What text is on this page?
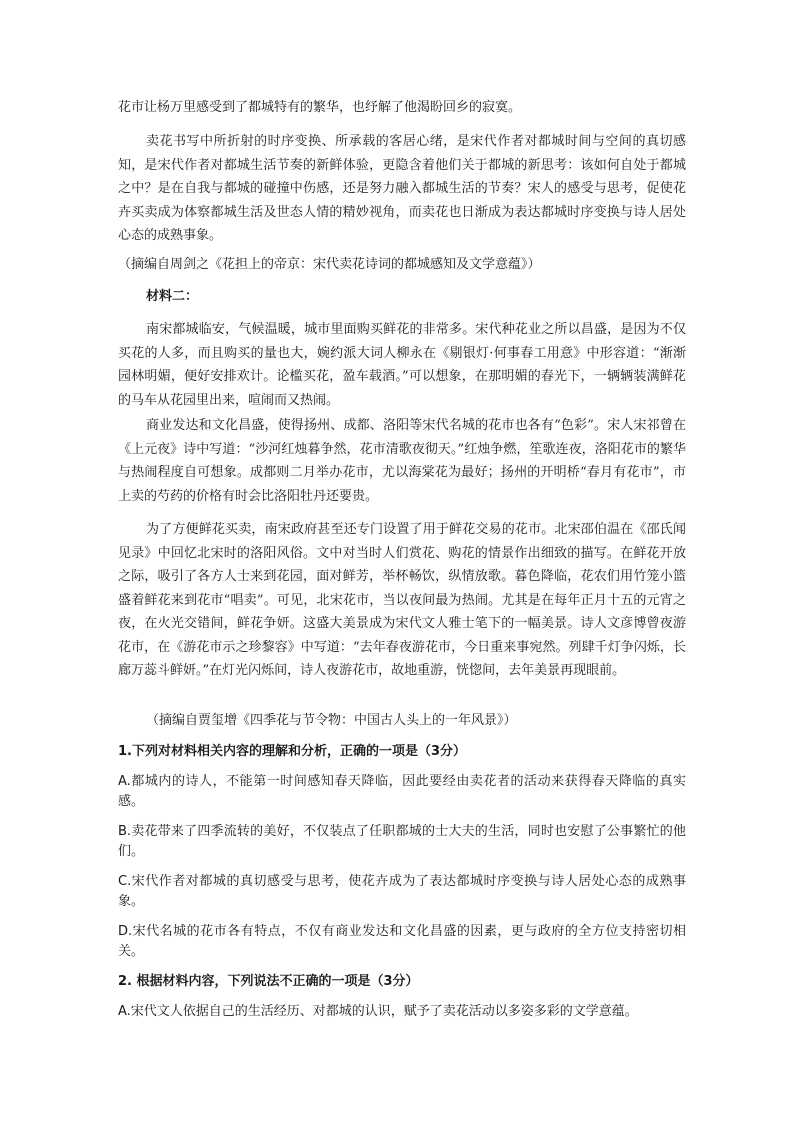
花市让杨万里感受到了都城特有的繁华，也纾解了他渴盼回乡的寂寞。

卖花书写中所折射的时序变换、所承载的客居心绪，是宋代作者对都城时间与空间的真切感知，是宋代作者对都城生活节奏的新鲜体验，更隐含着他们关于都城的新思考：该如何自处于都城之中？是在自我与都城的碰撞中伤感，还是努力融入都城生活的节奏？宋人的感受与思考，促使花卉买卖成为体察都城生活及世态人情的精妙视角，而卖花也日渐成为表达都城时序变换与诗人居处心态的成熟事象。

（摘编自周剑之《花担上的帝京：宋代卖花诗词的都城感知及文学意蕴》）

材料二：

南宋都城临安，气候温暖，城市里面购买鲜花的非常多。宋代种花业之所以昌盛，是因为不仅买花的人多，而且购买的量也大，婉约派大词人柳永在《剔银灯·何事春工用意》中形容道：“渐渐园林明媚，便好安排欢计。论槛买花，盈车载酒。”可以想象，在那明媚的春光下，一辆辆装满鲜花的马车从花园里出来，喧闹而又热闹。

商业发达和文化昌盛，使得扬州、成都、洛阳等宋代名城的花市也各有“色彩”。宋人宋祁曾在《上元夜》诗中写道：“沙河红烛暮争然，花市清歌夜彻天。”红烛争燃，笙歌连夜，洛阳花市的繁华与热闹程度自可想象。成都则二月举办花市，尤以海棠花为最好；扬州的开明桥“春月有花市”，市上卖的芍药的价格有时会比洛阳牡丹还要贵。

为了方便鲜花买卖，南宋政府甚至还专门设置了用于鲜花交易的花市。北宋邵伯温在《邵氏闻见录》中回忆北宋时的洛阳风俗。文中对当时人们赏花、购花的情景作出细致的描写。在鲜花开放之际，吸引了各方人士来到花园，面对鲜芳，举杯畅饮，纵情放歌。暮色降临，花农们用竹笼小篮盛着鲜花来到花市“唱卖”。可见，北宋花市，当以夜间最为热闹。尤其是在每年正月十五的元宵之夜，在火光交错间，鲜花争妍。这盛大美景成为宋代文人雅士笔下的一幅美景。诗人文彦博曾夜游花市，在《游花市示之珍黎容》中写道：“去年春夜游花市，今日重来事宛然。列肆千灯争闪烁，长廊万蕊斗鲜妍。”在灯光闪烁间，诗人夜游花市，故地重游，恍惚间，去年美景再现眼前。

（摘编自贾玺增《四季花与节令物：中国古人头上的一年风景》）

1.下列对材料相关内容的理解和分析，正确的一项是（3分）

A.都城内的诗人，不能第一时间感知春天降临，因此要经由卖花者的活动来获得春天降临的真实感。

B.卖花带来了四季流转的美好，不仅装点了任职都城的士大夫的生活，同时也安慰了公事繁忙的他们。

C.宋代作者对都城的真切感受与思考，使花卉成为了表达都城时序变换与诗人居处心态的成熟事象。

D.宋代名城的花市各有特点，不仅有商业发达和文化昌盛的因素，更与政府的全方位支持密切相关。

2. 根据材料内容，下列说法不正确的一项是（3分）

A.宋代文人依据自己的生活经历、对都城的认识，赋予了卖花活动以多姿多彩的文学意蕴。
